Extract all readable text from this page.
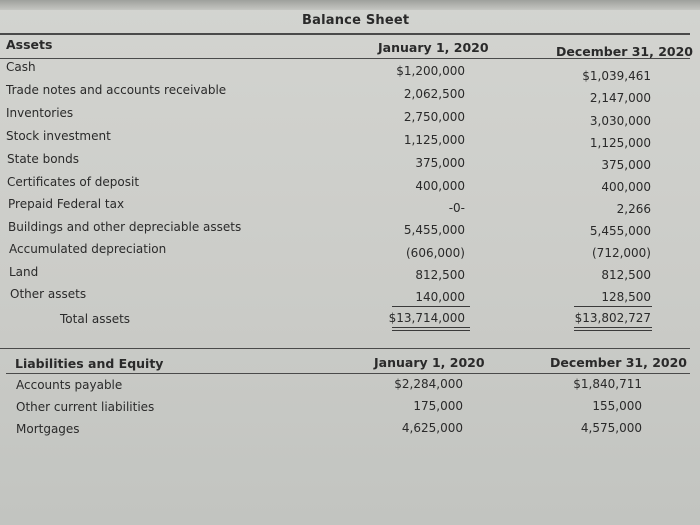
Balance Sheet
Assets	January 1, 2020	December 31, 2020
Cash	$1,200,000	$1,039,461
Trade notes and accounts receivable	2,062,500	2,147,000
Inventories	2,750,000	3,030,000
Stock investment	1,125,000	1,125,000
State bonds	375,000	375,000
Certificates of deposit	400,000	400,000
Prepaid Federal tax	-0-	2,266
Buildings and other depreciable assets	5,455,000	5,455,000
Accumulated depreciation	(606,000)	(712,000)
Land	812,500	812,500
Other assets	140,000	128,500
Total assets	$13,714,000	$13,802,727
Liabilities and Equity	January 1, 2020	December 31, 2020
Accounts payable	$2,284,000	$1,840,711
Other current liabilities	175,000	155,000
Mortgages	4,625,000	4,575,000
